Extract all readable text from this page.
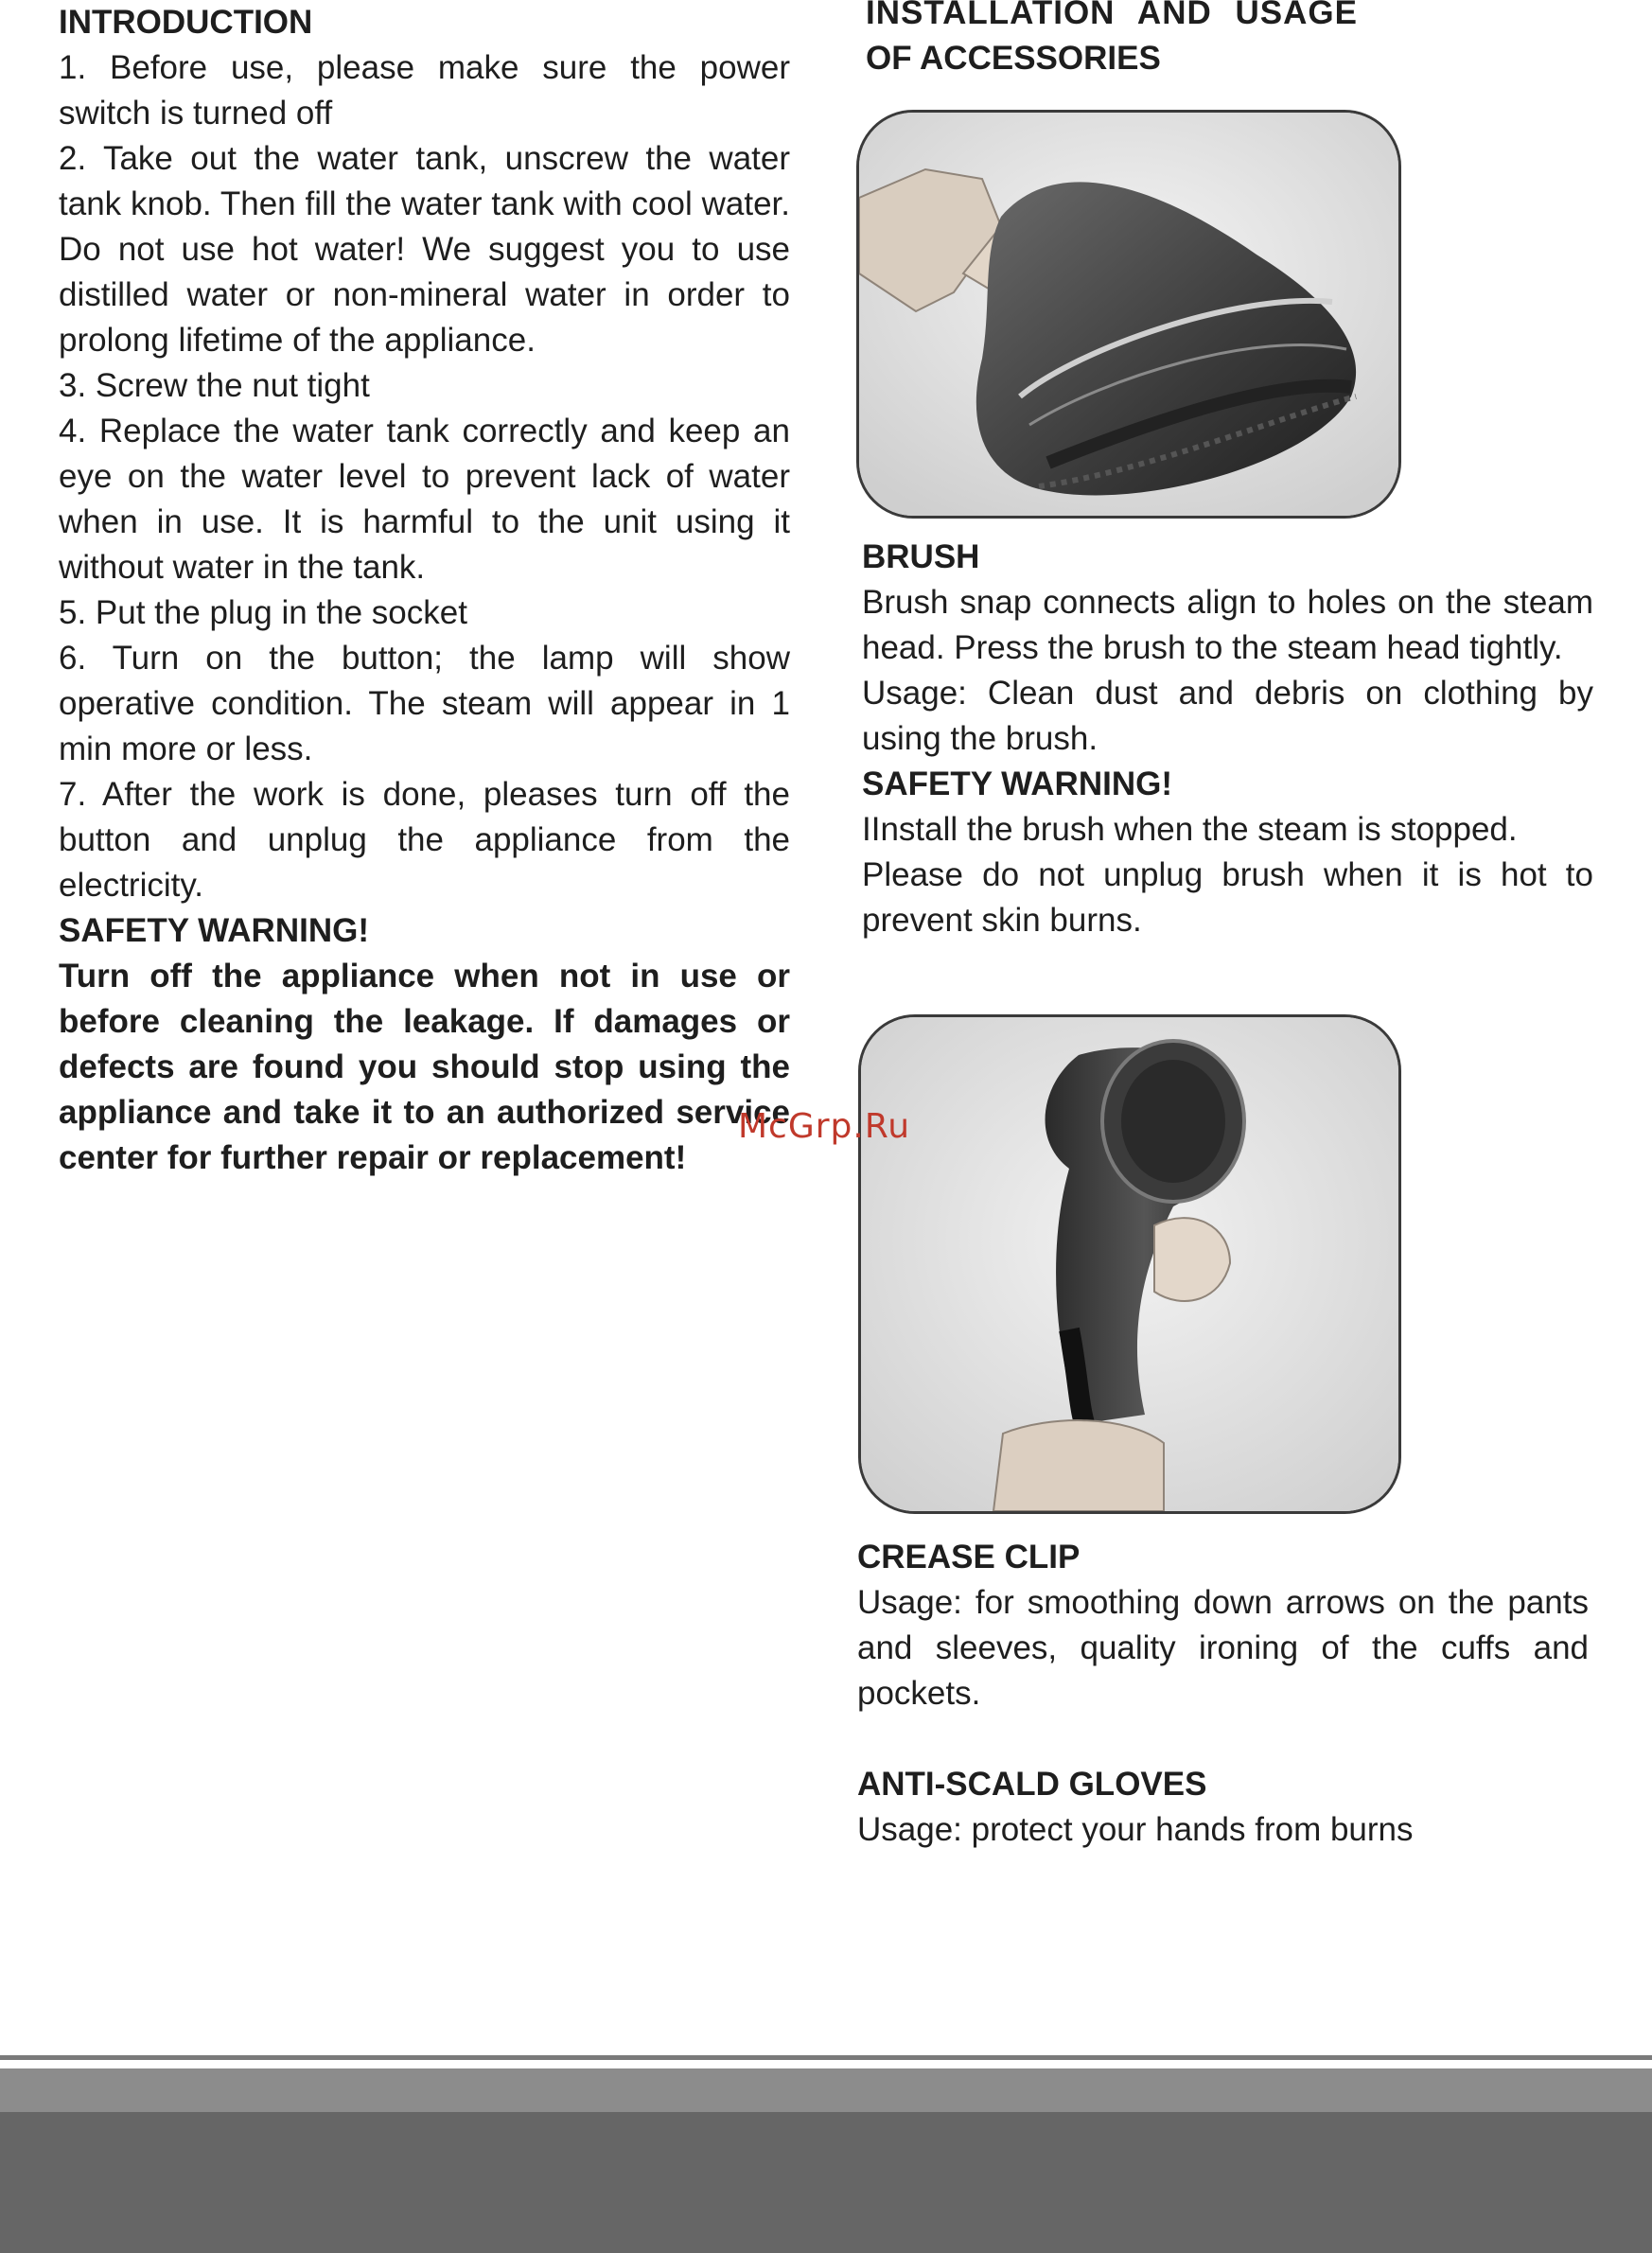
INTRODUCTION

1. Before use, please make sure the power switch is turned off

2. Take out the water tank, unscrew the water tank knob. Then fill the water tank with cool water. Do not use hot water! We suggest you to use distilled water or non-mineral water in order to prolong lifetime of the appliance.

3. Screw the nut tight

4. Replace the water tank correctly and keep an eye on the water level to prevent lack of water when in use. It is harmful to the unit using it without water in the tank.

5. Put the plug in the socket

6. Turn on the button; the lamp will show operative condition. The steam will appear in 1 min more or less.

7. After the work is done, pleases turn off the button and unplug the appliance from the electricity.

SAFETY WARNING!

Turn off the appliance when not in use or before cleaning the leakage. If damages or defects are found you should stop using the appliance and take it to an authorized service center for further repair or replacement!

INSTALLATION AND USAGE

OF ACCESSORIES

BRUSH

Brush snap connects align to holes on the steam head. Press the brush to the steam head tightly.

Usage: Clean dust and debris on clothing by using the brush.

SAFETY WARNING!

IInstall the brush when the steam is stopped.

Please do not unplug brush when it is hot to prevent skin burns.

CREASE CLIP

Usage: for smoothing down arrows on the pants and sleeves, quality ironing of the cuffs and pockets.

ANTI-SCALD GLOVES

Usage: protect your hands from burns

McGrp.Ru
